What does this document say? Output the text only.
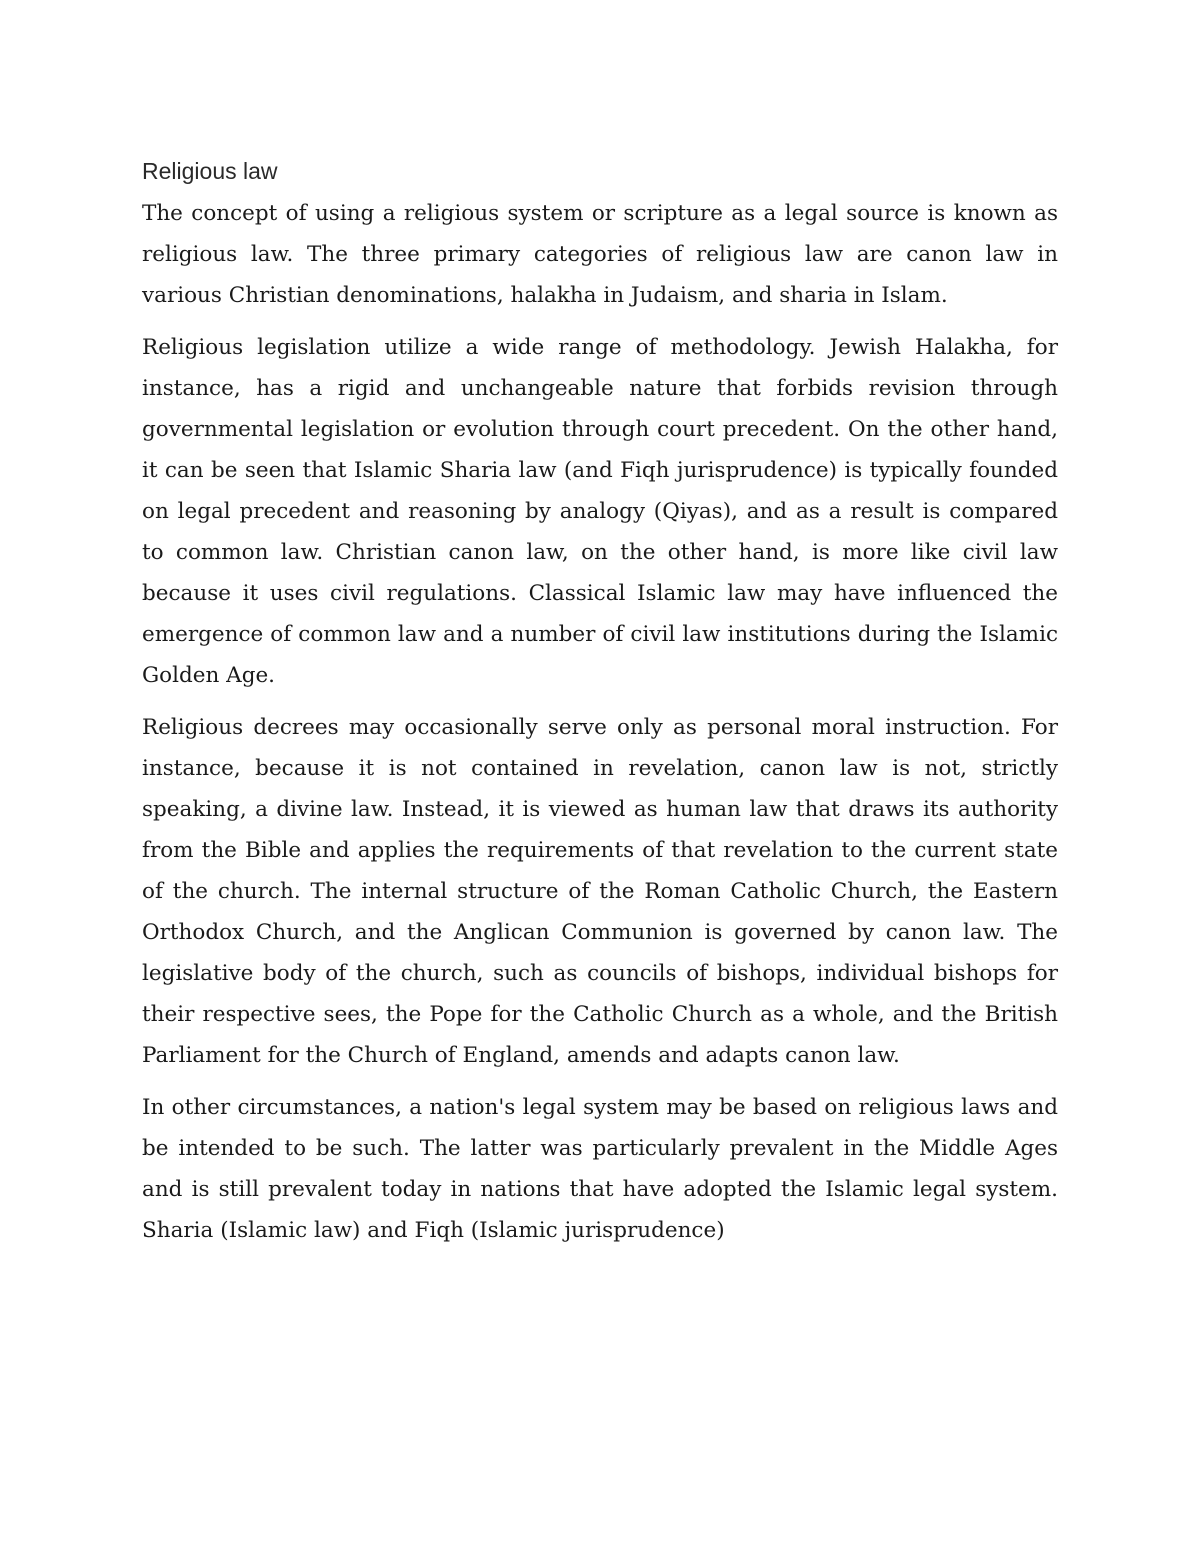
Religious law

The concept of using a religious system or scripture as a legal source is known as religious law. The three primary categories of religious law are canon law in various Christian denominations, halakha in Judaism, and sharia in Islam.

Religious legislation utilize a wide range of methodology. Jewish Halakha, for instance, has a rigid and unchangeable nature that forbids revision through governmental legislation or evolution through court precedent. On the other hand, it can be seen that Islamic Sharia law (and Fiqh jurisprudence) is typically founded on legal precedent and reasoning by analogy (Qiyas), and as a result is compared to common law. Christian canon law, on the other hand, is more like civil law because it uses civil regulations. Classical Islamic law may have influenced the emergence of common law and a number of civil law institutions during the Islamic Golden Age.

Religious decrees may occasionally serve only as personal moral instruction. For instance, because it is not contained in revelation, canon law is not, strictly speaking, a divine law. Instead, it is viewed as human law that draws its authority from the Bible and applies the requirements of that revelation to the current state of the church. The internal structure of the Roman Catholic Church, the Eastern Orthodox Church, and the Anglican Communion is governed by canon law. The legislative body of the church, such as councils of bishops, individual bishops for their respective sees, the Pope for the Catholic Church as a whole, and the British Parliament for the Church of England, amends and adapts canon law.

In other circumstances, a nation's legal system may be based on religious laws and be intended to be such. The latter was particularly prevalent in the Middle Ages and is still prevalent today in nations that have adopted the Islamic legal system. Sharia (Islamic law) and Fiqh (Islamic jurisprudence)
